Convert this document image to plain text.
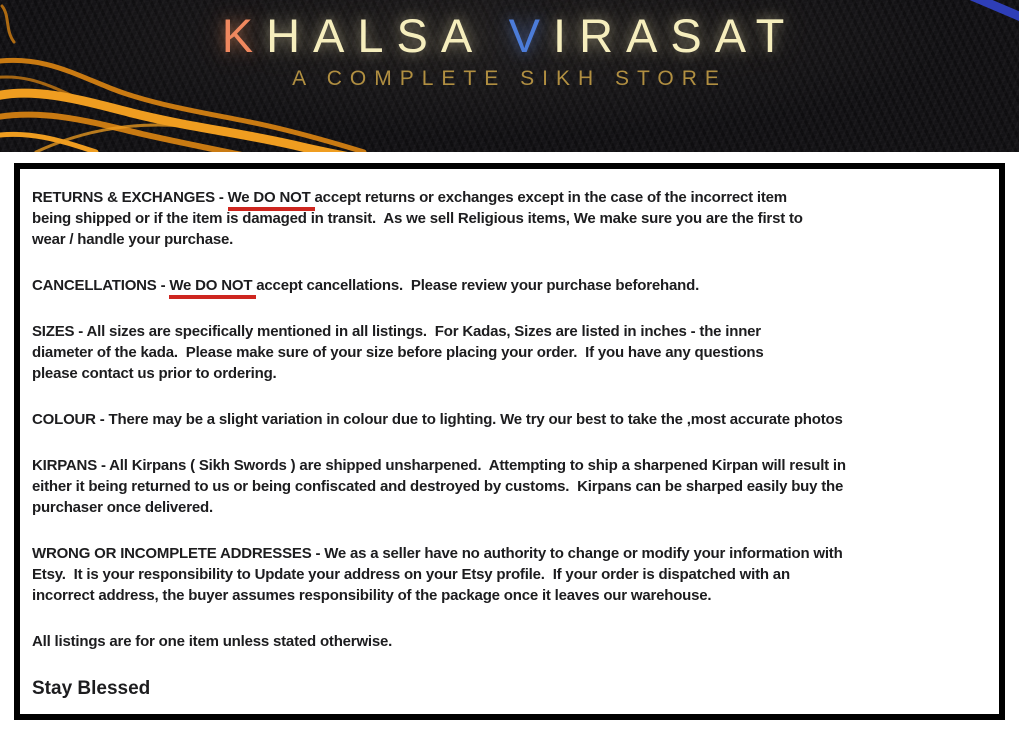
KHALSA VIRASAT
A COMPLETE SIKH STORE
RETURNS & EXCHANGES - We DO NOT accept returns or exchanges except in the case of the incorrect item
being shipped or if the item is damaged in transit.  As we sell Religious items, We make sure you are the first to
wear / handle your purchase.
CANCELLATIONS - We DO NOT accept cancellations.  Please review your purchase beforehand.
SIZES - All sizes are specifically mentioned in all listings.  For Kadas, Sizes are listed in inches - the inner
diameter of the kada.  Please make sure of your size before placing your order.  If you have any questions
please contact us prior to ordering.
COLOUR - There may be a slight variation in colour due to lighting. We try our best to take the ,most accurate photos
KIRPANS - All Kirpans ( Sikh Swords ) are shipped unsharpened.  Attempting to ship a sharpened Kirpan will result in
either it being returned to us or being confiscated and destroyed by customs.  Kirpans can be sharped easily buy the
purchaser once delivered.
WRONG OR INCOMPLETE ADDRESSES - We as a seller have no authority to change or modify your information with
Etsy.  It is your responsibility to Update your address on your Etsy profile.  If your order is dispatched with an
incorrect address, the buyer assumes responsibility of the package once it leaves our warehouse.
All listings are for one item unless stated otherwise.
Stay Blessed
